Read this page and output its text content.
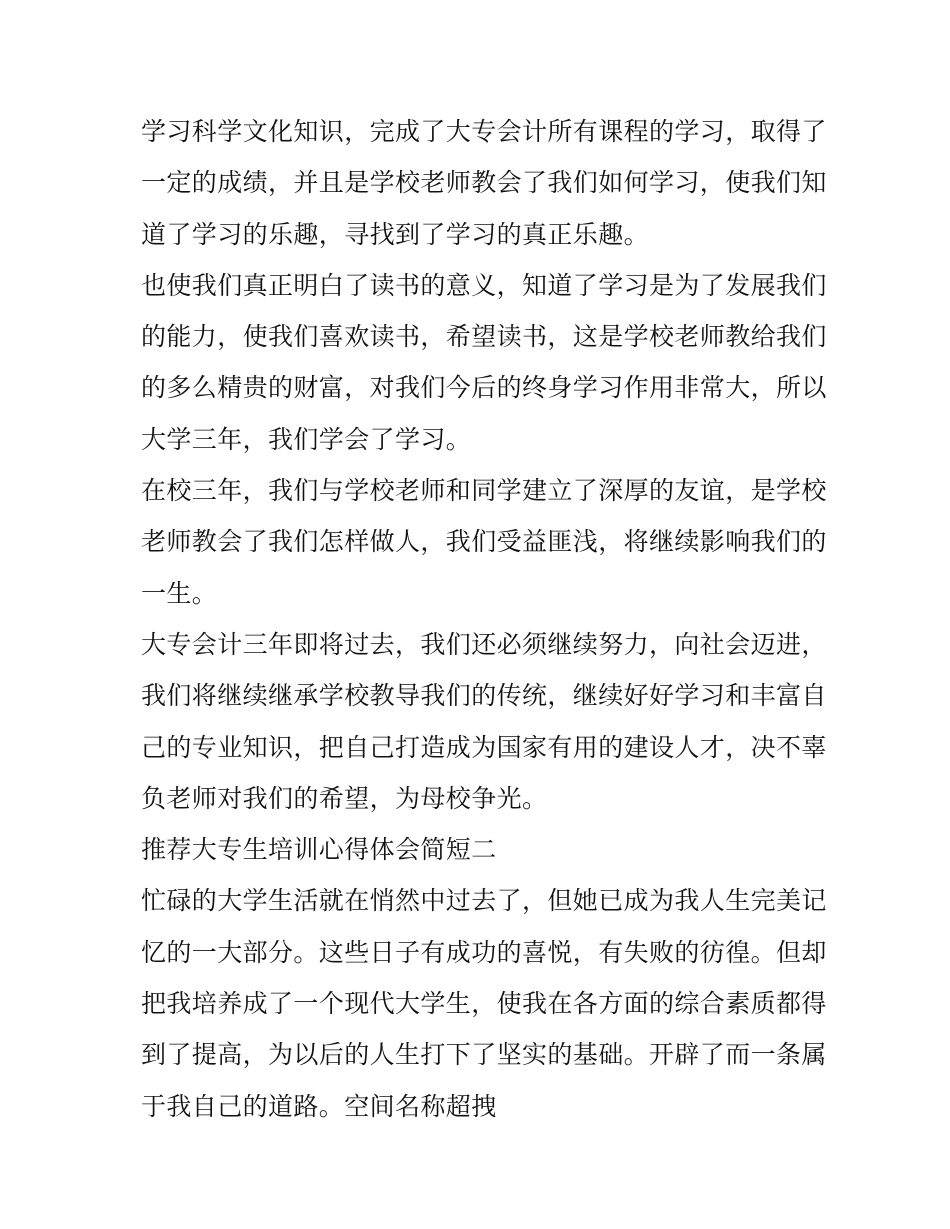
学习科学文化知识，完成了大专会计所有课程的学习，取得了
一定的成绩，并且是学校老师教会了我们如何学习，使我们知
道了学习的乐趣，寻找到了学习的真正乐趣。
也使我们真正明白了读书的意义，知道了学习是为了发展我们
的能力，使我们喜欢读书，希望读书，这是学校老师教给我们
的多么精贵的财富，对我们今后的终身学习作用非常大，所以
大学三年，我们学会了学习。
在校三年，我们与学校老师和同学建立了深厚的友谊，是学校
老师教会了我们怎样做人，我们受益匪浅，将继续影响我们的
一生。
大专会计三年即将过去，我们还必须继续努力，向社会迈进，
我们将继续继承学校教导我们的传统，继续好好学习和丰富自
己的专业知识，把自己打造成为国家有用的建设人才，决不辜
负老师对我们的希望，为母校争光。
推荐大专生培训心得体会简短二
忙碌的大学生活就在悄然中过去了，但她已成为我人生完美记
忆的一大部分。这些日子有成功的喜悦，有失败的彷徨。但却
把我培养成了一个现代大学生，使我在各方面的综合素质都得
到了提高，为以后的人生打下了坚实的基础。开辟了而一条属
于我自己的道路。空间名称超拽
